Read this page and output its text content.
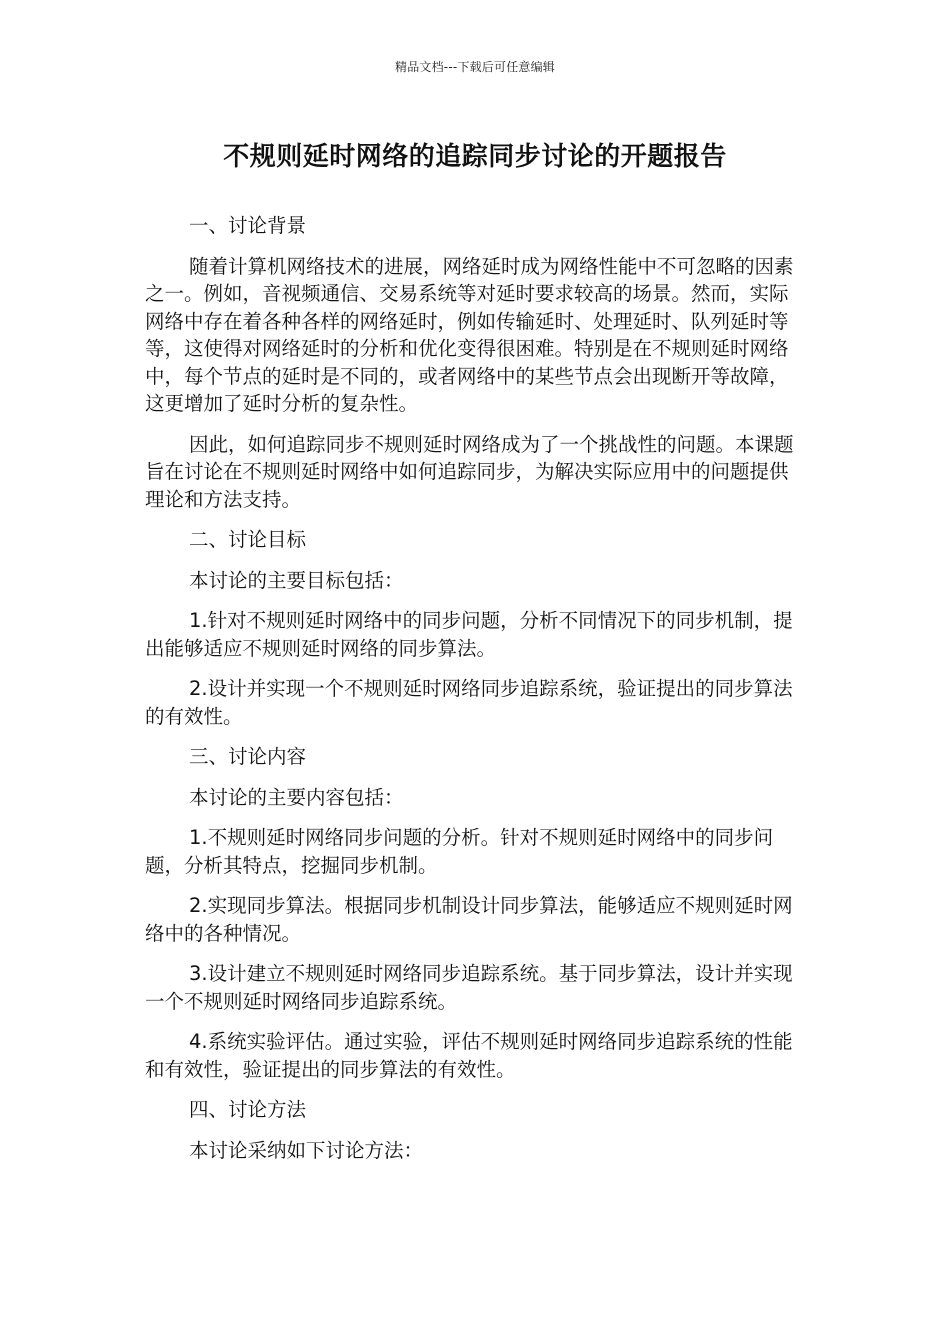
精品文档---下载后可任意编辑
不规则延时网络的追踪同步讨论的开题报告

一、讨论背景

随着计算机网络技术的进展，网络延时成为网络性能中不可忽略的因素之一。例如，音视频通信、交易系统等对延时要求较高的场景。然而，实际网络中存在着各种各样的网络延时，例如传输延时、处理延时、队列延时等等，这使得对网络延时的分析和优化变得很困难。特别是在不规则延时网络中，每个节点的延时是不同的，或者网络中的某些节点会出现断开等故障，这更增加了延时分析的复杂性。

因此，如何追踪同步不规则延时网络成为了一个挑战性的问题。本课题旨在讨论在不规则延时网络中如何追踪同步，为解决实际应用中的问题提供理论和方法支持。

二、讨论目标

本讨论的主要目标包括：

1.针对不规则延时网络中的同步问题，分析不同情况下的同步机制，提出能够适应不规则延时网络的同步算法。

2.设计并实现一个不规则延时网络同步追踪系统，验证提出的同步算法的有效性。

三、讨论内容

本讨论的主要内容包括：

1.不规则延时网络同步问题的分析。针对不规则延时网络中的同步问题，分析其特点，挖掘同步机制。

2.实现同步算法。根据同步机制设计同步算法，能够适应不规则延时网络中的各种情况。

3.设计建立不规则延时网络同步追踪系统。基于同步算法，设计并实现一个不规则延时网络同步追踪系统。

4.系统实验评估。通过实验，评估不规则延时网络同步追踪系统的性能和有效性，验证提出的同步算法的有效性。

四、讨论方法

本讨论采纳如下讨论方法：
